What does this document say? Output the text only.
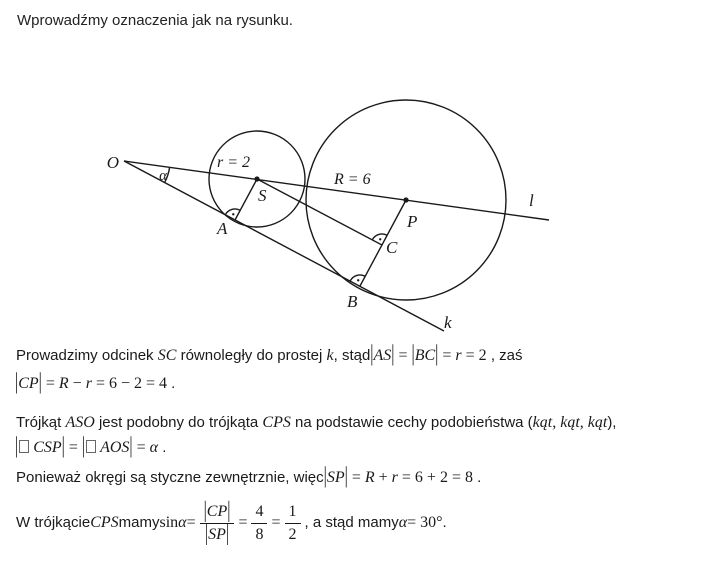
Wprowadźmy oznaczenia jak na rysunku.
O
α
r = 2
S
R = 6
P
A
B
C
l
k
Prowadzimy odcinek SC równoległy do prostej k, stąd|AS| = |BC| = r = 2 , zaś
|CP| = R − r = 6 − 2 = 4 .
Trójkąt ASO jest podobny do trójkąta CPS na podstawie cechy podobieństwa (kąt, kąt, kąt),
| CSP| = | AOS| = α .
Ponieważ okręgi są styczne zewnętrznie, więc|SP| = R + r = 6 + 2 = 8 .
W trójkącie CPS mamy $\sin \alpha = \frac{|CP|}{|SP|} = \frac{4}{8} = \frac{1}{2}$ , a stąd mamy α = 30° .
